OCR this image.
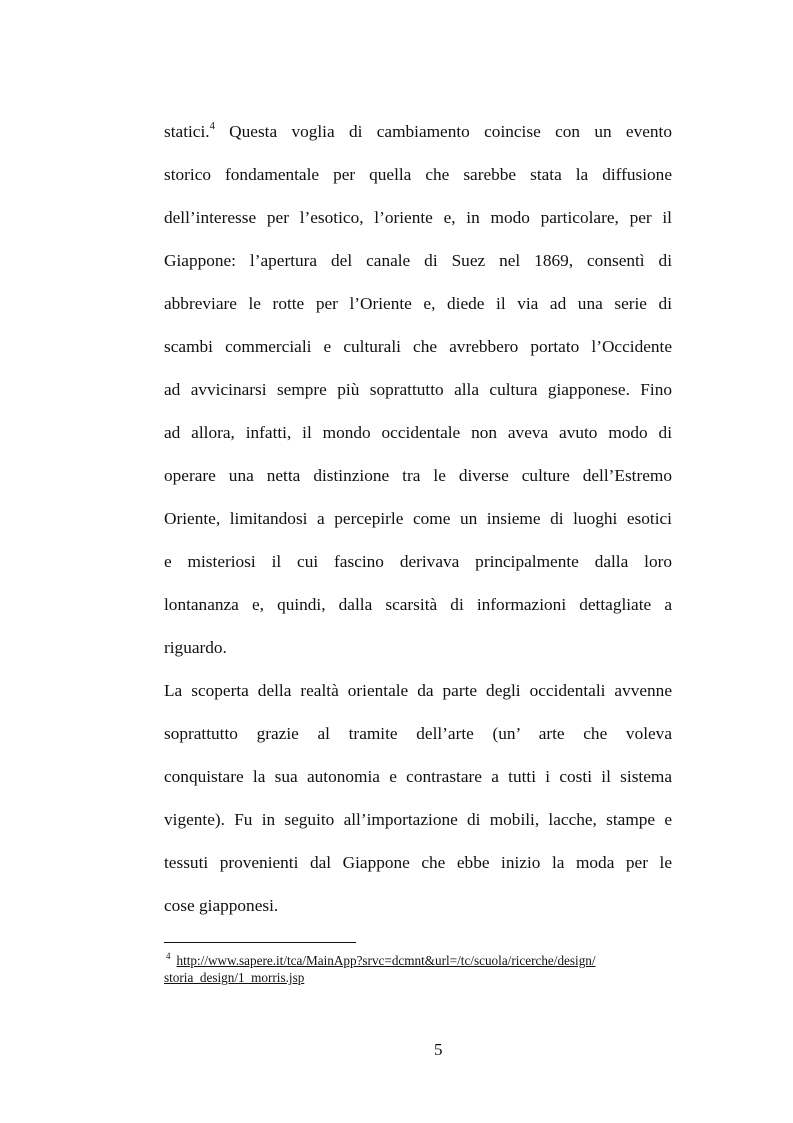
statici.$^4$ Questa voglia di cambiamento coincise con un evento
storico fondamentale per quella che sarebbe stata la diffusione
dell’interesse per l’esotico, l’oriente e, in modo particolare, per il
Giappone: l’apertura del canale di Suez nel 1869, consentì di
abbreviare le rotte per l’Oriente e, diede il via ad una serie di
scambi commerciali e culturali che avrebbero portato l’Occidente
ad avvicinarsi sempre più soprattutto alla cultura giapponese. Fino
ad allora, infatti, il mondo occidentale non aveva avuto modo di
operare una netta distinzione tra le diverse culture dell’Estremo
Oriente, limitandosi a percepirle come un insieme di luoghi esotici
e misteriosi il cui fascino derivava principalmente dalla loro
lontananza e, quindi, dalla scarsità di informazioni dettagliate a
riguardo.
La scoperta della realtà orientale da parte degli occidentali avvenne
soprattutto grazie al tramite dell’arte (un’ arte che voleva
conquistare la sua autonomia e contrastare a tutti i costi il sistema
vigente). Fu in seguito all’importazione di mobili, lacche, stampe e
tessuti provenienti dal Giappone che ebbe inizio la moda per le
cose giapponesi.
$^4$ http://www.sapere.it/tca/MainApp?srvc=dcmnt&url=/tc/scuola/ricerche/design/
storia_design/1_morris.jsp
5
